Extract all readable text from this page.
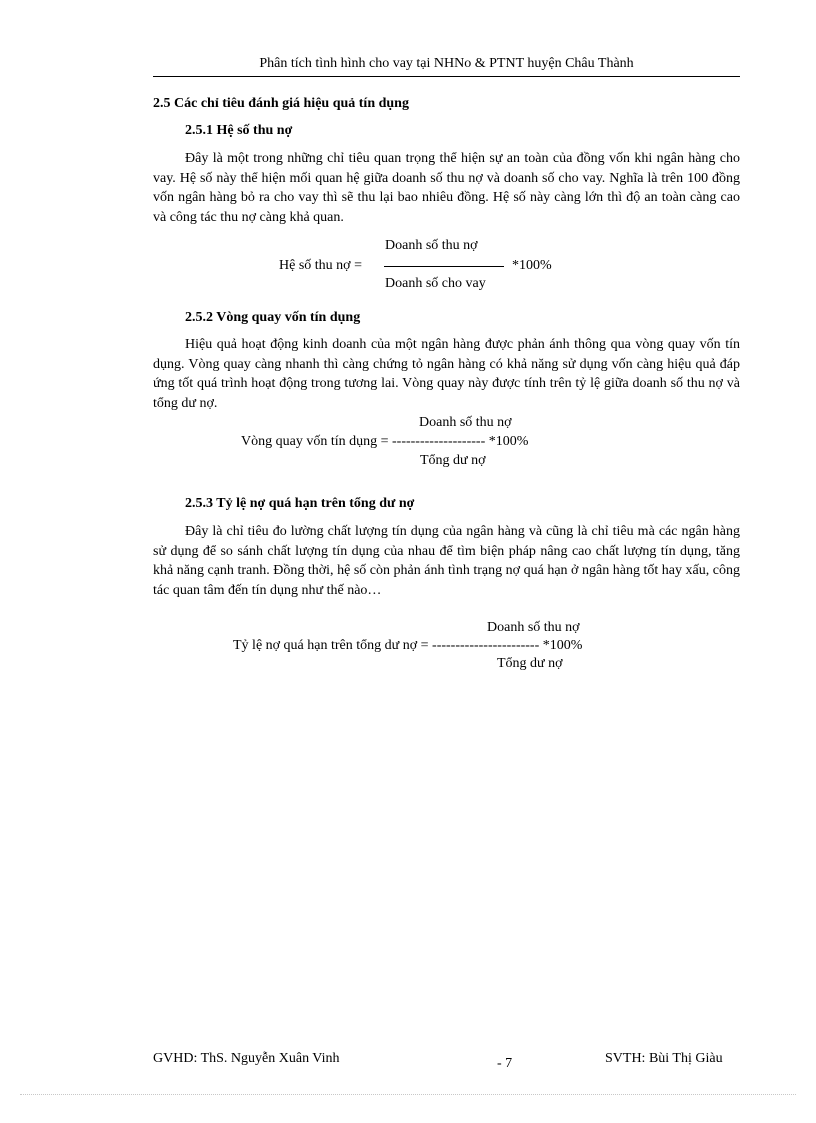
Phân tích tình hình cho vay tại NHNo & PTNT huyện Châu Thành
2.5 Các chỉ tiêu đánh giá hiệu quả tín dụng
2.5.1 Hệ số thu nợ

Đây là một trong những chỉ tiêu quan trọng thể hiện sự an toàn của đồng vốn khi ngân hàng cho vay. Hệ số này thể hiện mối quan hệ giữa doanh số thu nợ và doanh số cho vay. Nghĩa là trên 100 đồng vốn ngân hàng bỏ ra cho vay thì sẽ thu lại bao nhiêu đồng. Hệ số này càng lớn thì độ an toàn càng cao và công tác thu nợ càng khả quan.

Doanh số thu nợ
Hệ số thu nợ =	*100%
Doanh số cho vay
2.5.2 Vòng quay vốn tín dụng

Hiệu quả hoạt động kinh doanh của một ngân hàng được phản ánh thông qua vòng quay vốn tín dụng. Vòng quay càng nhanh thì càng chứng tỏ ngân hàng có khả năng sử dụng vốn càng hiệu quả đáp ứng tốt quá trình hoạt động trong tương lai. Vòng quay này được tính trên tỷ lệ giữa doanh số thu nợ và tổng dư nợ.

Doanh số thu nợ
Vòng quay vốn tín dụng = -------------------- *100%
Tổng dư nợ
2.5.3 Tỷ lệ nợ quá hạn trên tổng dư nợ

Đây là chỉ tiêu đo lường chất lượng tín dụng của ngân hàng và cũng là chỉ tiêu mà các ngân hàng sử dụng để so sánh chất lượng tín dụng của nhau để tìm biện pháp nâng cao chất lượng tín dụng, tăng khả năng cạnh tranh. Đồng thời, hệ số còn phản ánh tình trạng nợ quá hạn ở ngân hàng tốt hay xấu, công tác quan tâm đến tín dụng như thế nào…

Doanh số thu nợ
Tỷ lệ nợ quá hạn trên tổng dư nợ = ----------------------- *100%
Tổng dư nợ
GVHD: ThS. Nguyễn Xuân Vinh	- 7	SVTH: Bùi Thị Giàu
